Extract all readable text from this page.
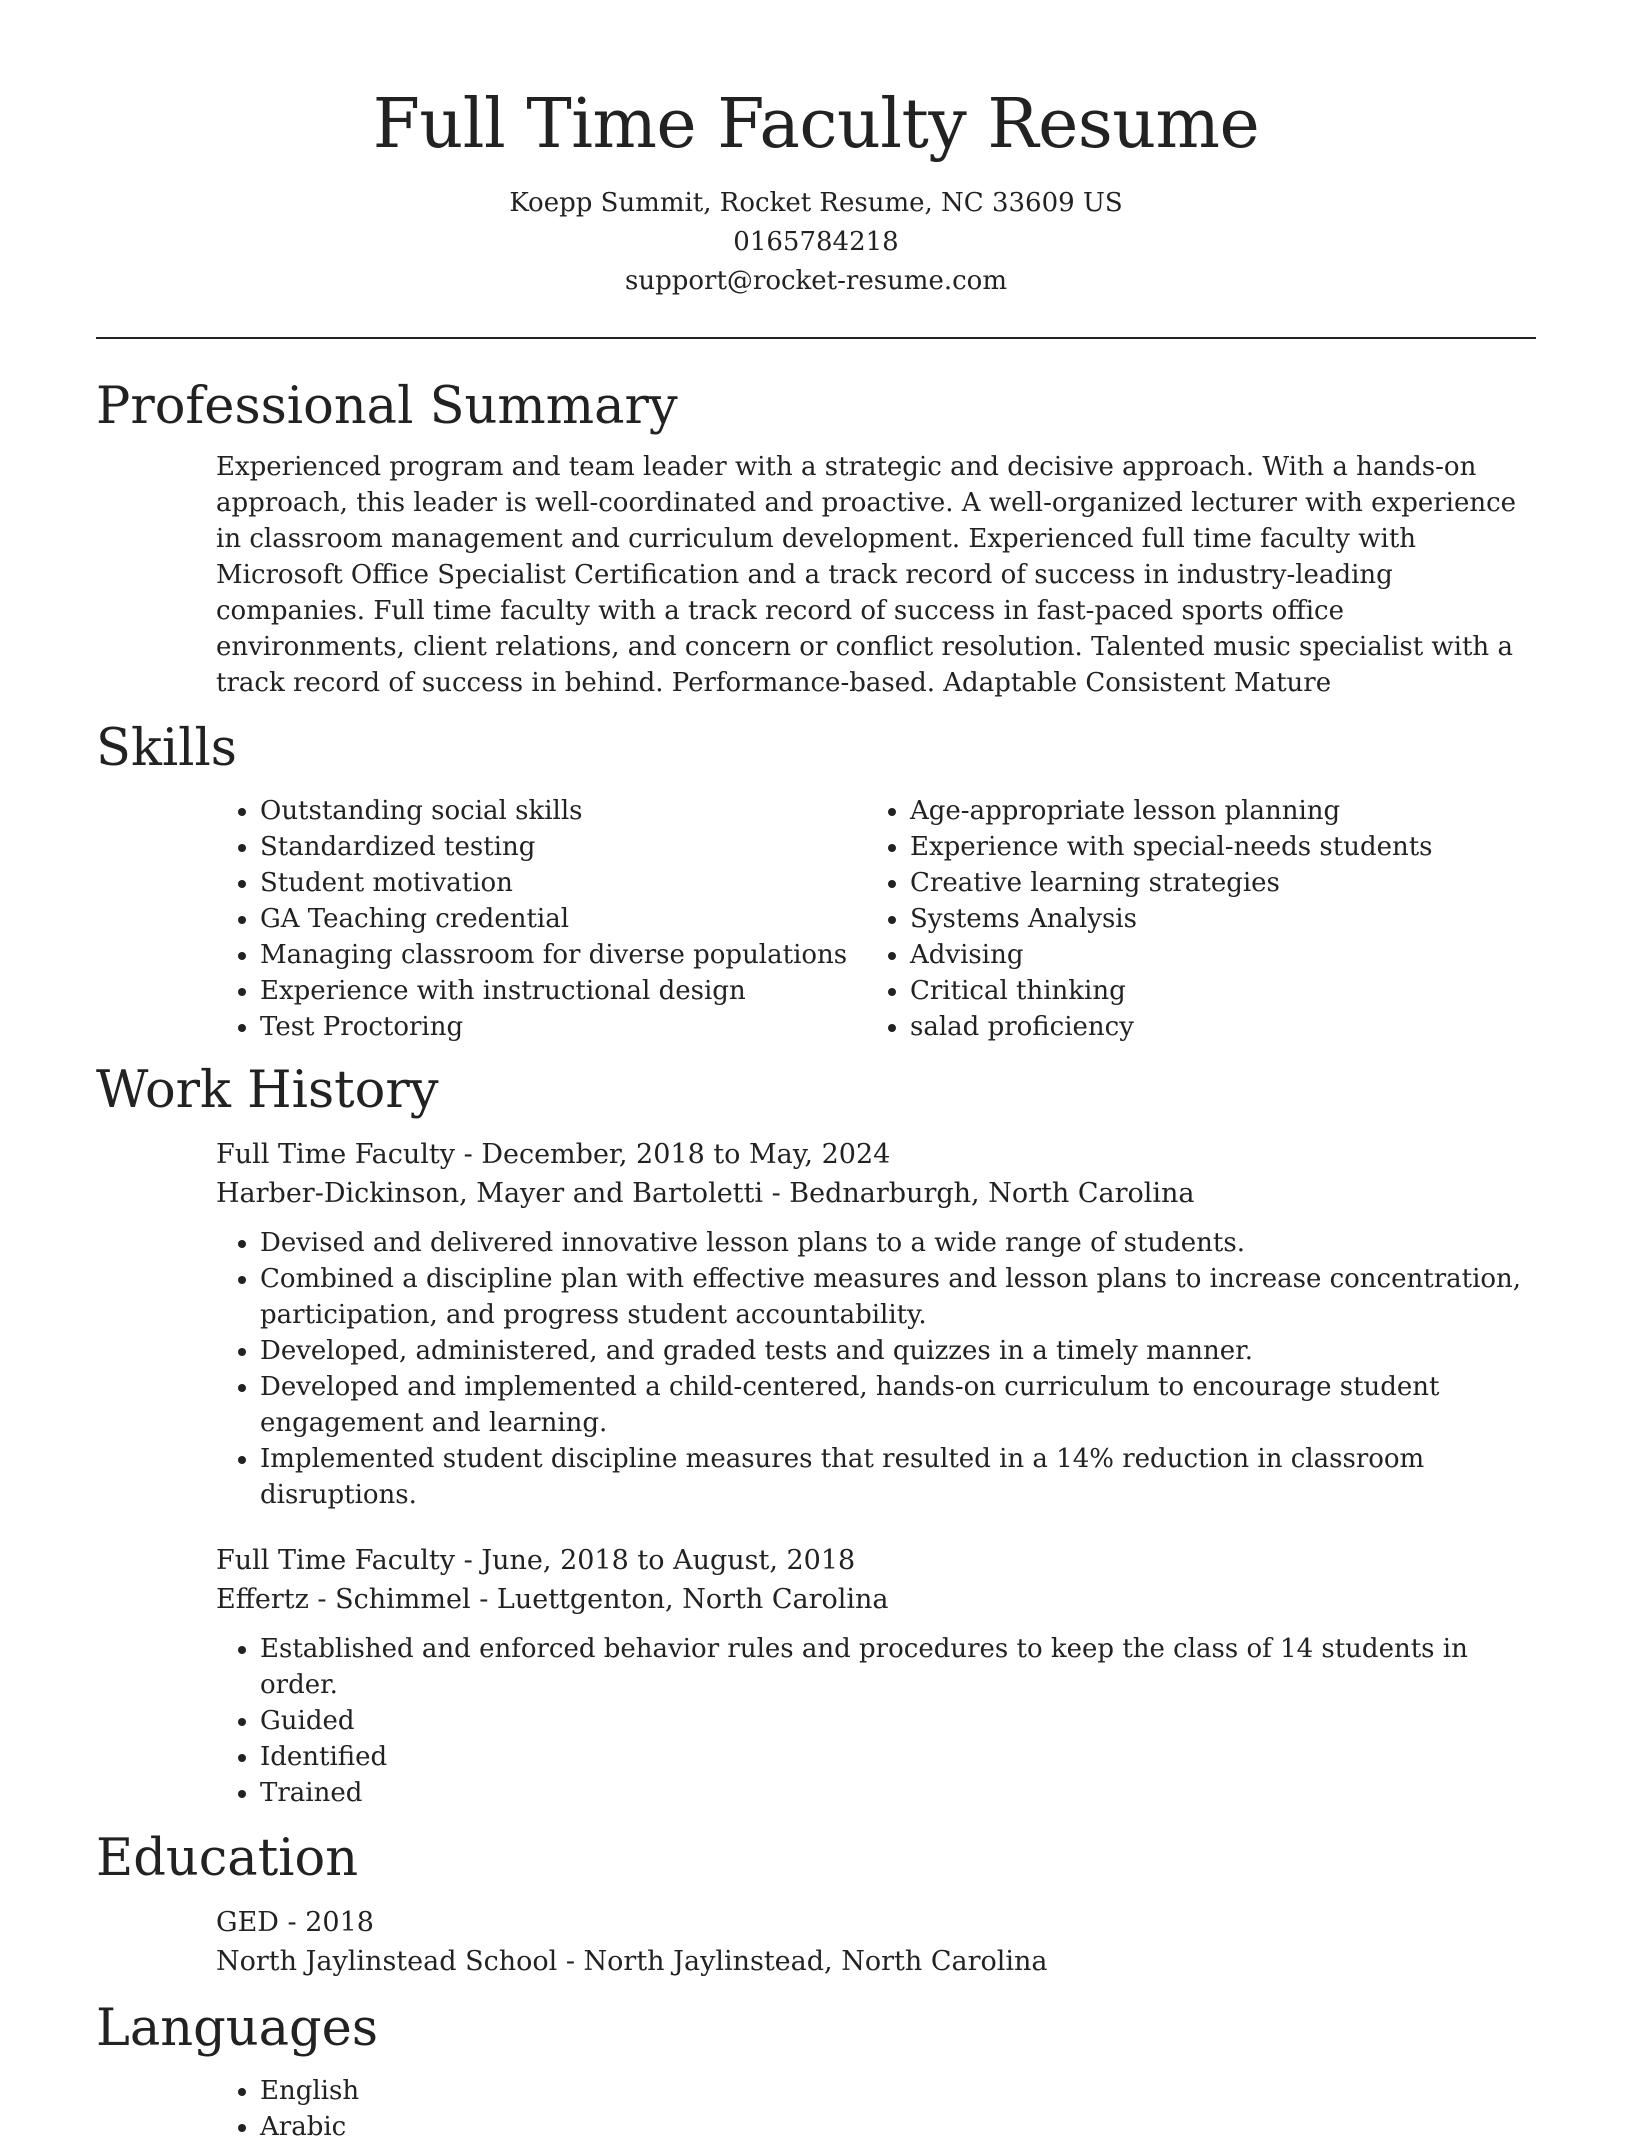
Full Time Faculty Resume
Koepp Summit, Rocket Resume, NC 33609 US
0165784218
support@rocket-resume.com
Professional Summary
Experienced program and team leader with a strategic and decisive approach. With a hands-on approach, this leader is well-coordinated and proactive. A well-organized lecturer with experience in classroom management and curriculum development. Experienced full time faculty with Microsoft Office Specialist Certification and a track record of success in industry-leading companies. Full time faculty with a track record of success in fast-paced sports office environments, client relations, and concern or conflict resolution. Talented music specialist with a track record of success in behind. Performance-based. Adaptable Consistent Mature
Skills
• Outstanding social skills
• Standardized testing
• Student motivation
• GA Teaching credential
• Managing classroom for diverse populations
• Experience with instructional design
• Test Proctoring
• Age-appropriate lesson planning
• Experience with special-needs students
• Creative learning strategies
• Systems Analysis
• Advising
• Critical thinking
• salad proficiency
Work History
Full Time Faculty - December, 2018 to May, 2024
Harber-Dickinson, Mayer and Bartoletti - Bednarburgh, North Carolina
• Devised and delivered innovative lesson plans to a wide range of students.
• Combined a discipline plan with effective measures and lesson plans to increase concentration, participation, and progress student accountability.
• Developed, administered, and graded tests and quizzes in a timely manner.
• Developed and implemented a child-centered, hands-on curriculum to encourage student engagement and learning.
• Implemented student discipline measures that resulted in a 14% reduction in classroom disruptions.
Full Time Faculty - June, 2018 to August, 2018
Effertz - Schimmel - Luettgenton, North Carolina
• Established and enforced behavior rules and procedures to keep the class of 14 students in order.
• Guided
• Identified
• Trained
Education
GED - 2018
North Jaylinstead School - North Jaylinstead, North Carolina
Languages
• English
• Arabic
